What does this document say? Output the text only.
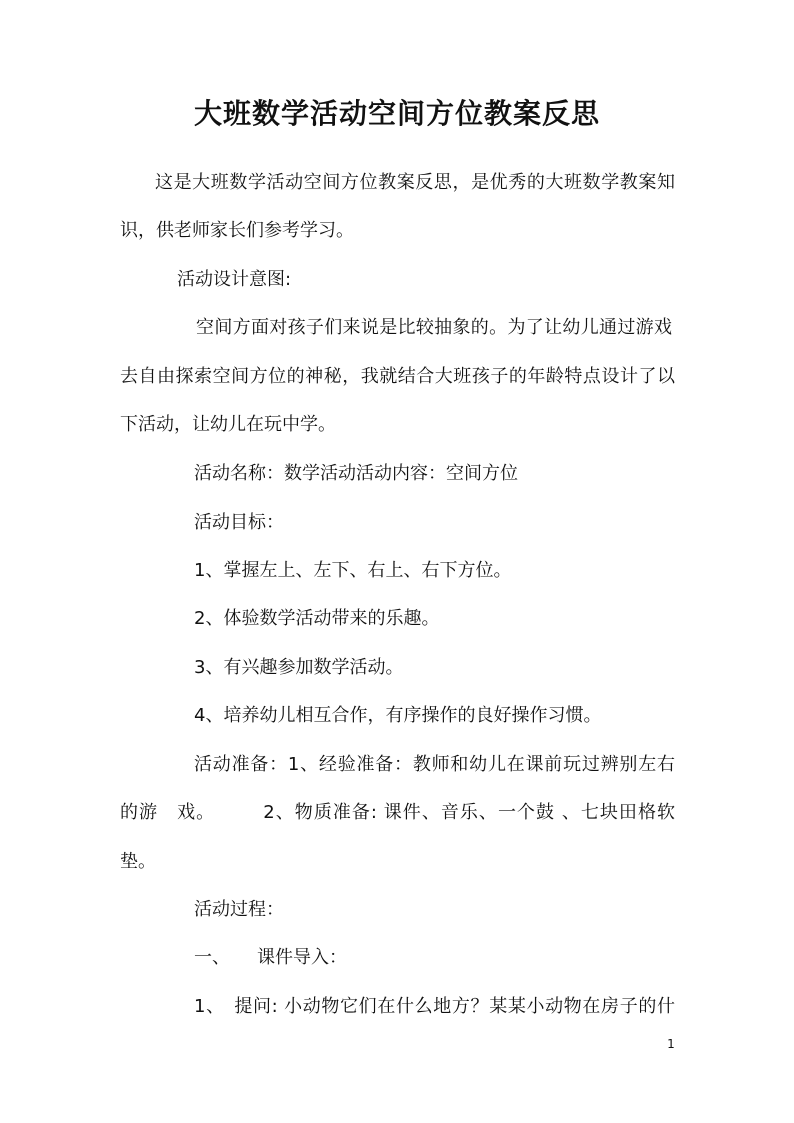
大班数学活动空间方位教案反思
这是大班数学活动空间方位教案反思，是优秀的大班数学教案知
识，供老师家长们参考学习。
活动设计意图:
空间方面对孩子们来说是比较抽象的。为了让幼儿通过游戏
去自由探索空间方位的神秘，我就结合大班孩子的年龄特点设计了以
下活动，让幼儿在玩中学。
活动名称：数学活动活动内容：空间方位
活动目标：
1、掌握左上、左下、右上、右下方位。
2、体验数学活动带来的乐趣。
3、有兴趣参加数学活动。
4、培养幼儿相互合作，有序操作的良好操作习惯。
活动准备：1、经验准备：教师和幼儿在课前玩过辨别左右
的游　戏。　　　2、物质准备: 课件、音乐、一个鼓 、七块田格软
垫。
活动过程：
一、　　课件导入：
1、　提问: 小动物它们在什么地方？某某小动物在房子的什
1
